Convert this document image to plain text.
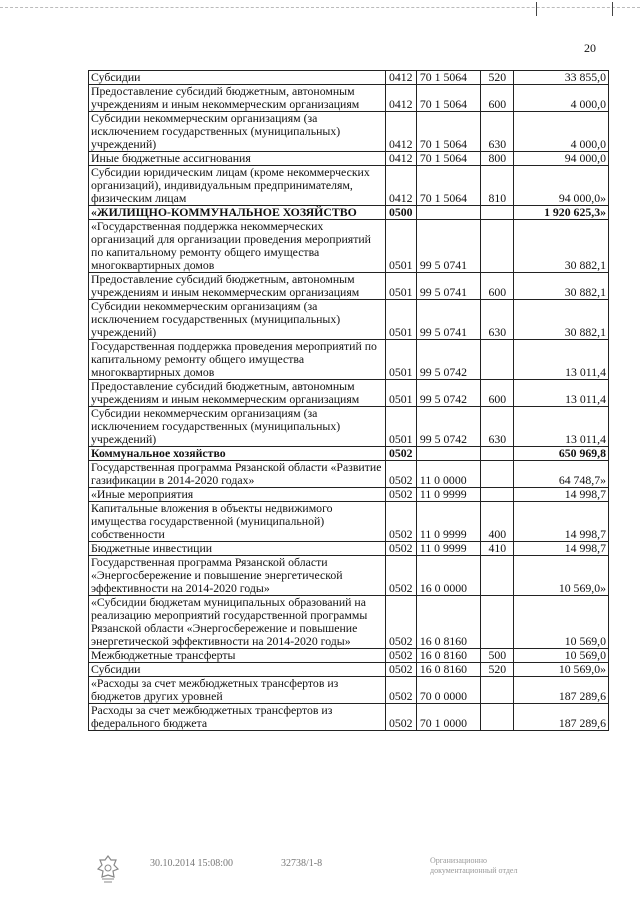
20
Субсидии	0412	70 1 5064	520	33 855,0
Предоставление субсидий бюджетным, автономным учреждениям и иным некоммерческим организациям	0412	70 1 5064	600	4 000,0
Субсидии некоммерческим организациям (за исключением государственных (муниципальных) учреждений)	0412	70 1 5064	630	4 000,0
Иные бюджетные ассигнования	0412	70 1 5064	800	94 000,0
Субсидии юридическим лицам (кроме некоммерческих организаций), индивидуальным предпринимателям, физическим лицам	0412	70 1 5064	810	94 000,0»
«ЖИЛИЩНО-КОММУНАЛЬНОЕ ХОЗЯЙСТВО	0500			1 920 625,3»
«Государственная поддержка некоммерческих организаций для организации проведения мероприятий по капитальному ремонту общего имущества многоквартирных домов	0501	99 5 0741		30 882,1
Предоставление субсидий бюджетным, автономным учреждениям и иным некоммерческим организациям	0501	99 5 0741	600	30 882,1
Субсидии некоммерческим организациям (за исключением государственных (муниципальных) учреждений)	0501	99 5 0741	630	30 882,1
Государственная поддержка проведения мероприятий по капитальному ремонту общего имущества многоквартирных домов	0501	99 5 0742		13 011,4
Предоставление субсидий бюджетным, автономным учреждениям и иным некоммерческим организациям	0501	99 5 0742	600	13 011,4
Субсидии некоммерческим организациям (за исключением государственных (муниципальных) учреждений)	0501	99 5 0742	630	13 011,4
Коммунальное хозяйство	0502			650 969,8
Государственная программа Рязанской области «Развитие газификации в 2014-2020 годах»	0502	11 0 0000		64 748,7»
«Иные мероприятия	0502	11 0 9999		14 998,7
Капитальные вложения в объекты недвижимого имущества государственной (муниципальной) собственности	0502	11 0 9999	400	14 998,7
Бюджетные инвестиции	0502	11 0 9999	410	14 998,7
Государственная программа Рязанской области «Энергосбережение и повышение энергетической эффективности на 2014-2020 годы»	0502	16 0 0000		10 569,0»
«Субсидии бюджетам муниципальных образований на реализацию мероприятий государственной программы Рязанской области «Энергосбережение и повышение энергетической эффективности на 2014-2020 годы»	0502	16 0 8160		10 569,0
Межбюджетные трансферты	0502	16 0 8160	500	10 569,0
Субсидии	0502	16 0 8160	520	10 569,0»
«Расходы за счет межбюджетных трансфертов из бюджетов других уровней	0502	70 0 0000		187 289,6
Расходы за счет межбюджетных трансфертов из федерального бюджета	0502	70 1 0000		187 289,6
30.10.2014 15:08:00	32738/1-8	Организационно
документационный отдел
